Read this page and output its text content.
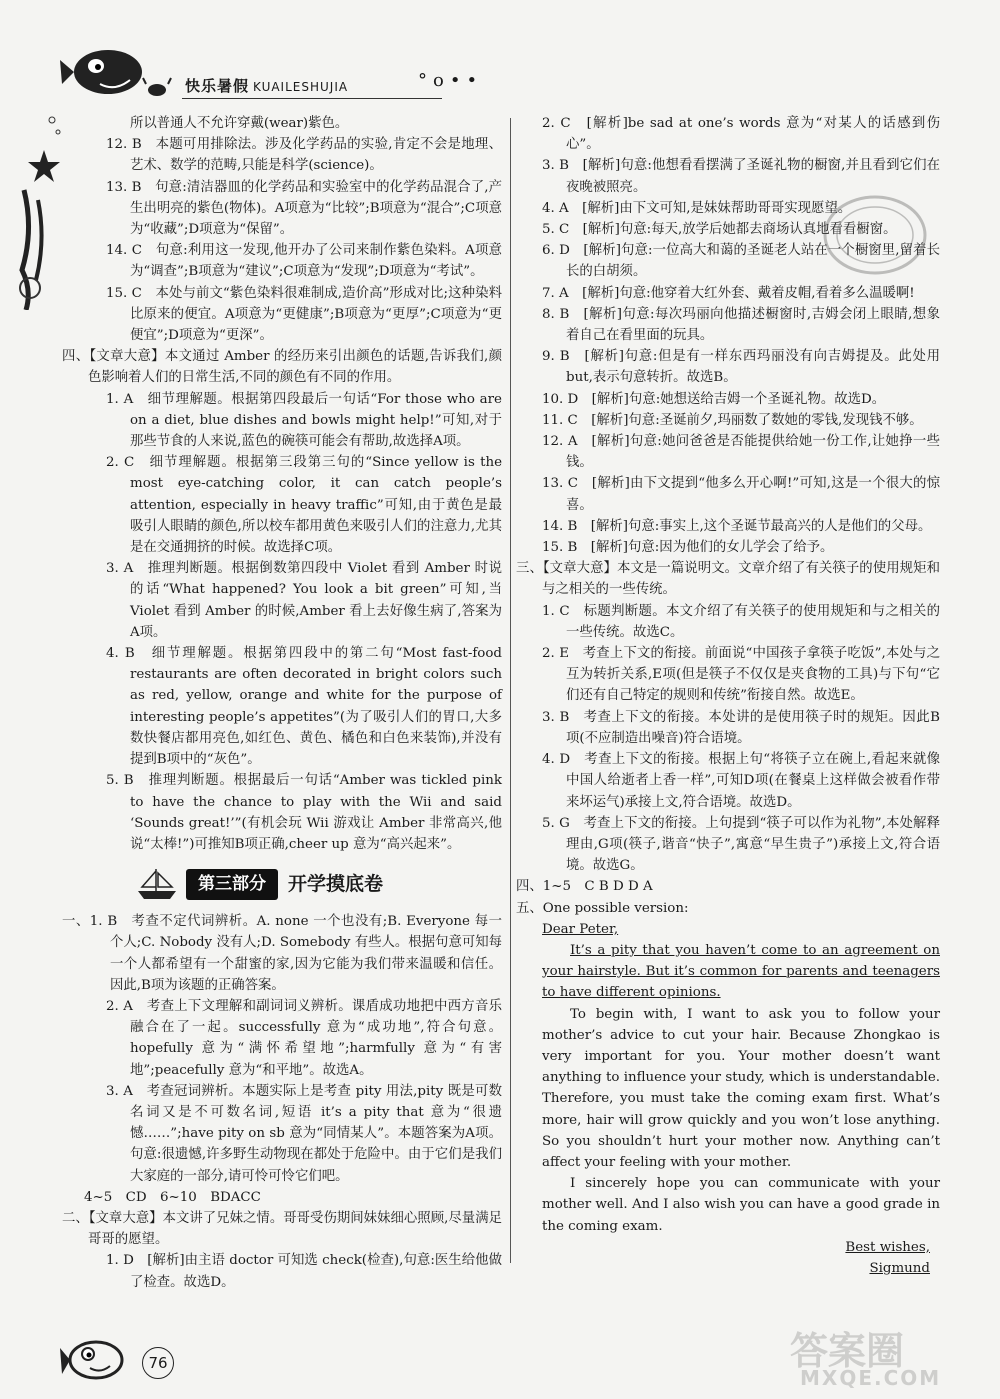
快乐暑假 KUAILESHUJIA	°o••

所以普通人不允许穿戴(wear)紫色。

12. B　本题可用排除法。涉及化学药品的实验,肯定不会是地理、艺术、数学的范畴,只能是科学(science)。

13. B　句意:清洁器皿的化学药品和实验室中的化学药品混合了,产生出明亮的紫色(物体)。A项意为“比较”;B项意为“混合”;C项意为“收藏”;D项意为“保留”。

14. C　句意:利用这一发现,他开办了公司来制作紫色染料。A项意为“调查”;B项意为“建议”;C项意为“发现”;D项意为“考试”。

15. C　本处与前文“紫色染料很难制成,造价高”形成对比;这种染料比原来的便宜。A项意为“更健康”;B项意为“更厚”;C项意为“更便宜”;D项意为“更深”。

四、【文章大意】本文通过 Amber 的经历来引出颜色的话题,告诉我们,颜色影响着人们的日常生活,不同的颜色有不同的作用。

1. A　细节理解题。根据第四段最后一句话“For those who are on a diet, blue dishes and bowls might help!”可知,对于那些节食的人来说,蓝色的碗筷可能会有帮助,故选择A项。

2. C　细节理解题。根据第三段第三句的“Since yellow is the most eye-catching color, it can catch people’s attention, especially in heavy traffic”可知,由于黄色是最吸引人眼睛的颜色,所以校车都用黄色来吸引人们的注意力,尤其是在交通拥挤的时候。故选择C项。

3. A　推理判断题。根据倒数第四段中 Violet 看到 Amber 时说的话“What happened? You look a bit green”可知,当 Violet 看到 Amber 的时候,Amber 看上去好像生病了,答案为A项。

4. B　细节理解题。根据第四段中的第二句“Most fast-food restaurants are often decorated in bright colors such as red, yellow, orange and white for the purpose of interesting people’s appetites”(为了吸引人们的胃口,大多数快餐店都用亮色,如红色、黄色、橘色和白色来装饰),并没有提到B项中的“灰色”。

5. B　推理判断题。根据最后一句话“Amber was tickled pink to have the chance to play with the Wii and said ‘Sounds great!’”(有机会玩 Wii 游戏让 Amber 非常高兴,他说“太棒!”)可推知B项正确,cheer up 意为“高兴起来”。

第三部分	开学摸底卷

一、1. B　考查不定代词辨析。A. none 一个也没有;B. Everyone 每一个人;C. Nobody 没有人;D. Somebody 有些人。根据句意可知每一个人都希望有一个甜蜜的家,因为它能为我们带来温暖和信任。因此,B项为该题的正确答案。

2. A　考查上下文理解和副词词义辨析。课盾成功地把中西方音乐融合在了一起。successfully 意为“成功地”,符合句意。hopefully 意为“满怀希望地”;harmfully 意为“有害地”;peacefully 意为“和平地”。故选A。

3. A　考查冠词辨析。本题实际上是考查 pity 用法,pity 既是可数名词又是不可数名词,短语 it’s a pity that 意为“很遗憾……”;have pity on sb 意为“同情某人”。本题答案为A项。句意:很遗憾,许多野生动物现在都处于危险中。由于它们是我们大家庭的一部分,请可怜可怜它们吧。

4~5　CD　6~10　BDACC

二、【文章大意】本文讲了兄妹之情。哥哥受伤期间妹妹细心照顾,尽量满足哥哥的愿望。

1. D　[解析]由主语 doctor 可知选 check(检查),句意:医生给他做了检查。故选D。

2. C　[解析]be sad at one’s words 意为“对某人的话感到伤心”。

3. B　[解析]句意:他想看看摆满了圣诞礼物的橱窗,并且看到它们在夜晚被照亮。

4. A　[解析]由下文可知,是妹妹帮助哥哥实现愿望。

5. C　[解析]句意:每天,放学后她都去商场认真地看看橱窗。

6. D　[解析]句意:一位高大和蔼的圣诞老人站在一个橱窗里,留着长长的白胡须。

7. A　[解析]句意:他穿着大红外套、戴着皮帽,看着多么温暖啊!

8. B　[解析]句意:每次玛丽向他描述橱窗时,吉姆会闭上眼睛,想象着自己在看里面的玩具。

9. B　[解析]句意:但是有一样东西玛丽没有向吉姆提及。此处用 but,表示句意转折。故选B。

10. D　[解析]句意:她想送给吉姆一个圣诞礼物。故选D。

11. C　[解析]句意:圣诞前夕,玛丽数了数她的零钱,发现钱不够。

12. A　[解析]句意:她问爸爸是否能提供给她一份工作,让她挣一些钱。

13. C　[解析]由下文提到“他多么开心啊!”可知,这是一个很大的惊喜。

14. B　[解析]句意:事实上,这个圣诞节最高兴的人是他们的父母。

15. B　[解析]句意:因为他们的女儿学会了给予。

三、【文章大意】本文是一篇说明文。文章介绍了有关筷子的使用规矩和与之相关的一些传统。

1. C　标题判断题。本文介绍了有关筷子的使用规矩和与之相关的一些传统。故选C。

2. E　考查上下文的衔接。前面说“中国孩子拿筷子吃饭”,本处与之互为转折关系,E项(但是筷子不仅仅是夹食物的工具)与下句“它们还有自己特定的规则和传统”衔接自然。故选E。

3. B　考查上下文的衔接。本处讲的是使用筷子时的规矩。因此B项(不应制造出噪音)符合语境。

4. D　考查上下文的衔接。根据上句“将筷子立在碗上,看起来就像中国人给逝者上香一样”,可知D项(在餐桌上这样做会被看作带来坏运气)承接上文,符合语境。故选D。

5. G　考查上下文的衔接。上句提到“筷子可以作为礼物”,本处解释理由,G项(筷子,谐音“快子”,寓意“早生贵子”)承接上文,符合语境。故选G。

四、1~5　C B D D A

五、One possible version:

Dear Peter,

It’s a pity that you haven’t come to an agreement on your hairstyle. But it’s common for parents and teenagers to have different opinions.

To begin with, I want to ask you to follow your mother’s advice to cut your hair. Because Zhongkao is very important for you. Your mother doesn’t want anything to influence your study, which is understandable. Therefore, you must take the coming exam first. What’s more, hair will grow quickly and you won’t lose anything. So you shouldn’t hurt your mother now. Anything can’t affect your feeling with your mother.

I sincerely hope you can communicate with your mother well. And I also wish you can have a good grade in the coming exam.

Best wishes,

Sigmund

76	答案圈
MXQE.COM
